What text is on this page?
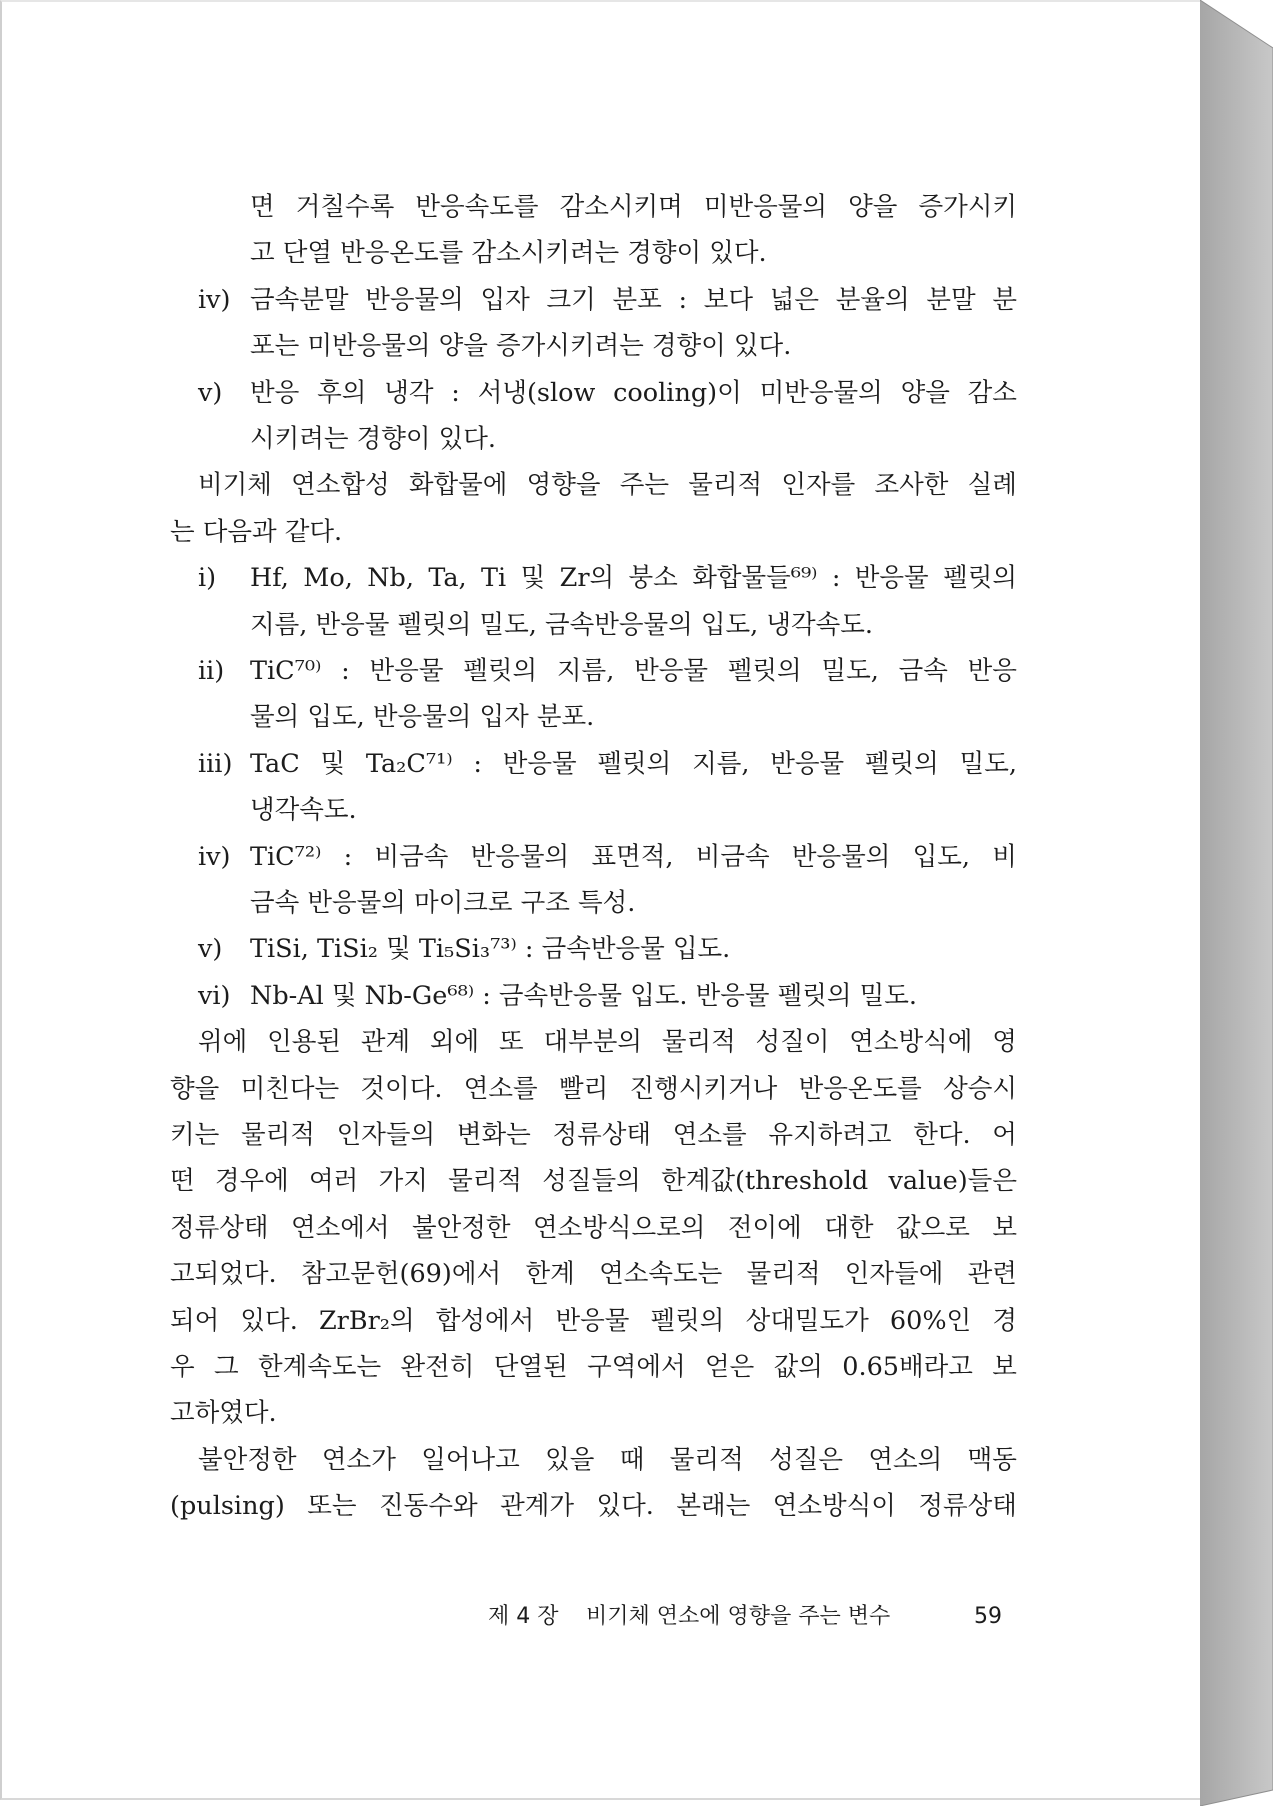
면 거칠수록 반응속도를 감소시키며 미반응물의 양을 증가시키
고 단열 반응온도를 감소시키려는 경향이 있다.
iv) 금속분말 반응물의 입자 크기 분포 : 보다 넓은 분율의 분말 분
포는 미반응물의 양을 증가시키려는 경향이 있다.
v) 반응 후의 냉각 : 서냉(slow cooling)이 미반응물의 양을 감소
시키려는 경향이 있다.
비기체 연소합성 화합물에 영향을 주는 물리적 인자를 조사한 실례
는 다음과 같다.
i) Hf, Mo, Nb, Ta, Ti 및 Zr의 붕소 화합물들⁶⁹⁾ : 반응물 펠릿의
지름, 반응물 펠릿의 밀도, 금속반응물의 입도, 냉각속도.
ii) TiC⁷⁰⁾ : 반응물 펠릿의 지름, 반응물 펠릿의 밀도, 금속 반응
물의 입도, 반응물의 입자 분포.
iii) TaC 및 Ta₂C⁷¹⁾ : 반응물 펠릿의 지름, 반응물 펠릿의 밀도,
냉각속도.
iv) TiC⁷²⁾ : 비금속 반응물의 표면적, 비금속 반응물의 입도, 비
금속 반응물의 마이크로 구조 특성.
v) TiSi, TiSi₂ 및 Ti₅Si₃⁷³⁾ : 금속반응물 입도.
vi) Nb-Al 및 Nb-Ge⁶⁸⁾ : 금속반응물 입도. 반응물 펠릿의 밀도.
위에 인용된 관계 외에 또 대부분의 물리적 성질이 연소방식에 영
향을 미친다는 것이다. 연소를 빨리 진행시키거나 반응온도를 상승시
키는 물리적 인자들의 변화는 정류상태 연소를 유지하려고 한다. 어
떤 경우에 여러 가지 물리적 성질들의 한계값(threshold value)들은
정류상태 연소에서 불안정한 연소방식으로의 전이에 대한 값으로 보
고되었다. 참고문헌(69)에서 한계 연소속도는 물리적 인자들에 관련
되어 있다. ZrBr₂의 합성에서 반응물 펠릿의 상대밀도가 60%인 경
우 그 한계속도는 완전히 단열된 구역에서 얻은 값의 0.65배라고 보
고하였다.
불안정한 연소가 일어나고 있을 때 물리적 성질은 연소의 맥동
(pulsing) 또는 진동수와 관계가 있다. 본래는 연소방식이 정류상태
제 4 장 비기체 연소에 영향을 주는 변수	59
